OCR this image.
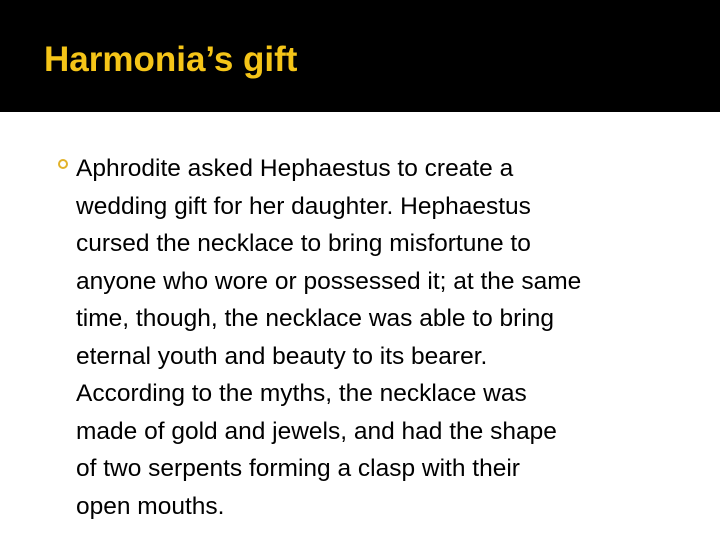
Harmonia’s gift

Aphrodite asked Hephaestus to create a
wedding gift for her daughter. Hephaestus
cursed the necklace to bring misfortune to
anyone who wore or possessed it; at the same
time, though, the necklace was able to bring
eternal youth and beauty to its bearer.
According to the myths, the necklace was
made of gold and jewels, and had the shape
of two serpents forming a clasp with their
open mouths.
